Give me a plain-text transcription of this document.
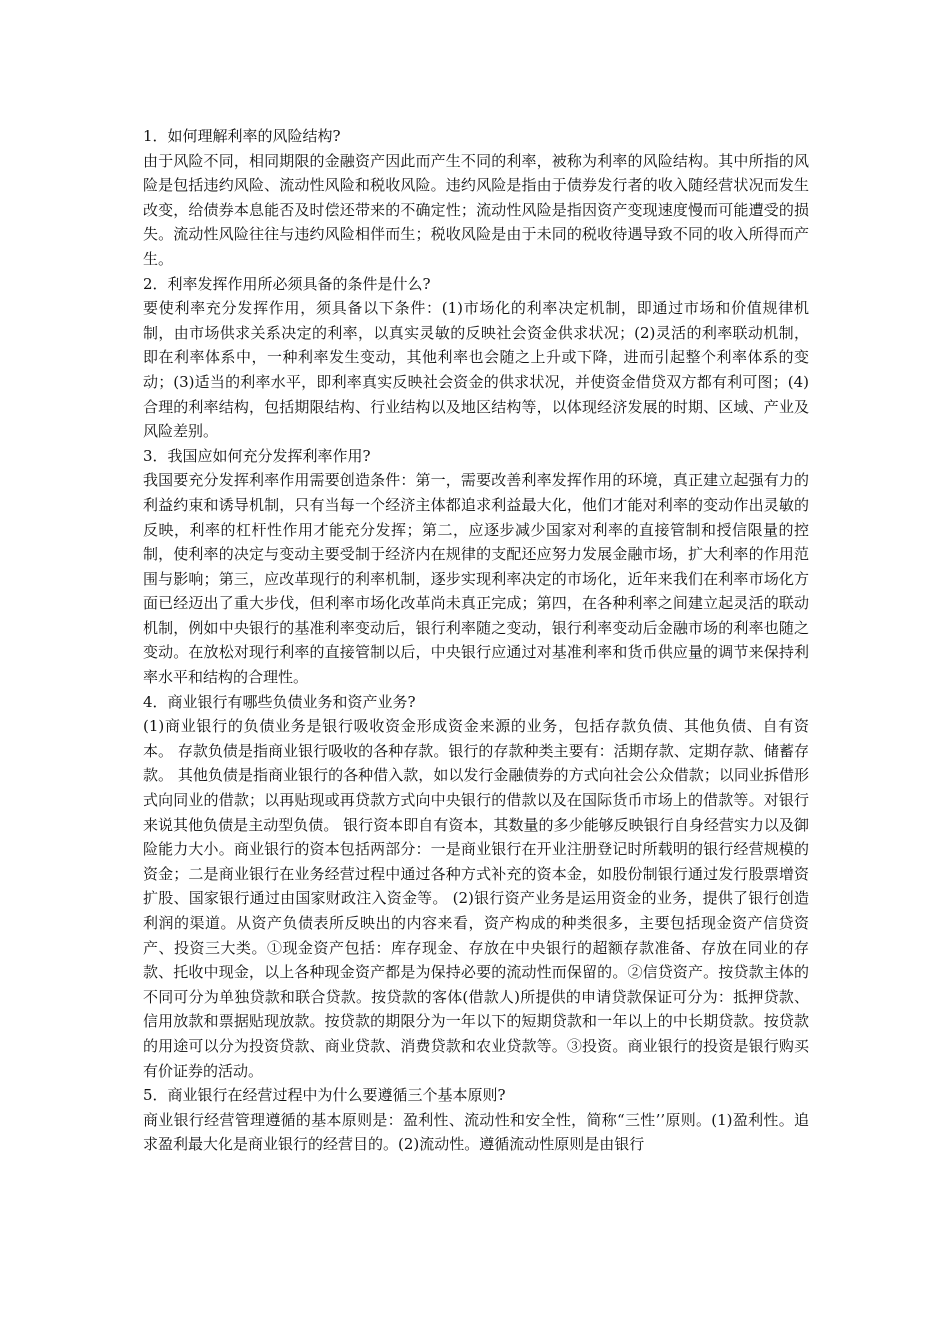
1．如何理解利率的风险结构?

由于风险不同，相同期限的金融资产因此而产生不同的利率，被称为利率的风险结构。其中所指的风险是包括违约风险、流动性风险和税收风险。违约风险是指由于债券发行者的收入随经营状况而发生改变，给债券本息能否及时偿还带来的不确定性；流动性风险是指因资产变现速度慢而可能遭受的损失。流动性风险往往与违约风险相伴而生；税收风险是由于未同的税收待遇导致不同的收入所得而产生。

2．利率发挥作用所必须具备的条件是什么?

要使利率充分发挥作用，须具备以下条件：(1)市场化的利率决定机制，即通过市场和价值规律机制，由市场供求关系决定的利率，以真实灵敏的反映社会资金供求状况；(2)灵活的利率联动机制，即在利率体系中，一种利率发生变动，其他利率也会随之上升或下降，进而引起整个利率体系的变动；(3)适当的利率水平，即利率真实反映社会资金的供求状况，并使资金借贷双方都有利可图；(4)合理的利率结构，包括期限结构、行业结构以及地区结构等，以体现经济发展的时期、区域、产业及风险差别。

3．我国应如何充分发挥利率作用?

我国要充分发挥利率作用需要创造条件：第一，需要改善利率发挥作用的环境，真正建立起强有力的利益约束和诱导机制，只有当每一个经济主体都追求利益最大化，他们才能对利率的变动作出灵敏的反映，利率的杠杆性作用才能充分发挥；第二，应逐步减少国家对利率的直接管制和授信限量的控制，使利率的决定与变动主要受制于经济内在规律的支配还应努力发展金融市场，扩大利率的作用范围与影响；第三，应改革现行的利率机制，逐步实现利率决定的市场化，近年来我们在利率市场化方面已经迈出了重大步伐，但利率市场化改革尚未真正完成；第四，在各种利率之间建立起灵活的联动机制，例如中央银行的基准利率变动后，银行利率随之变动，银行利率变动后金融市场的利率也随之变动。在放松对现行利率的直接管制以后，中央银行应通过对基准利率和货币供应量的调节来保持利率水平和结构的合理性。

4．商业银行有哪些负债业务和资产业务?

(1)商业银行的负债业务是银行吸收资金形成资金来源的业务，包括存款负债、其他负债、自有资本。 存款负债是指商业银行吸收的各种存款。银行的存款种类主要有：活期存款、定期存款、储蓄存款。 其他负债是指商业银行的各种借入款，如以发行金融债券的方式向社会公众借款；以同业拆借形式向同业的借款；以再贴现或再贷款方式向中央银行的借款以及在国际货币市场上的借款等。对银行来说其他负债是主动型负债。 银行资本即自有资本，其数量的多少能够反映银行自身经营实力以及御险能力大小。商业银行的资本包括两部分：一是商业银行在开业注册登记时所载明的银行经营规模的资金；二是商业银行在业务经营过程中通过各种方式补充的资本金，如股份制银行通过发行股票增资扩股、国家银行通过由国家财政注入资金等。 (2)银行资产业务是运用资金的业务，提供了银行创造利润的渠道。从资产负债表所反映出的内容来看，资产构成的种类很多，主要包括现金资产信贷资产、投资三大类。①现金资产包括：库存现金、存放在中央银行的超额存款准备、存放在同业的存款、托收中现金，以上各种现金资产都是为保持必要的流动性而保留的。②信贷资产。按贷款主体的不同可分为单独贷款和联合贷款。按贷款的客体(借款人)所提供的申请贷款保证可分为：抵押贷款、信用放款和票据贴现放款。按贷款的期限分为一年以下的短期贷款和一年以上的中长期贷款。按贷款的用途可以分为投资贷款、商业贷款、消费贷款和农业贷款等。③投资。商业银行的投资是银行购买有价证券的活动。

5．商业银行在经营过程中为什么要遵循三个基本原则?

商业银行经营管理遵循的基本原则是：盈利性、流动性和安全性，简称“三性’’原则。(1)盈利性。追求盈利最大化是商业银行的经营目的。(2)流动性。遵循流动性原则是由银行
